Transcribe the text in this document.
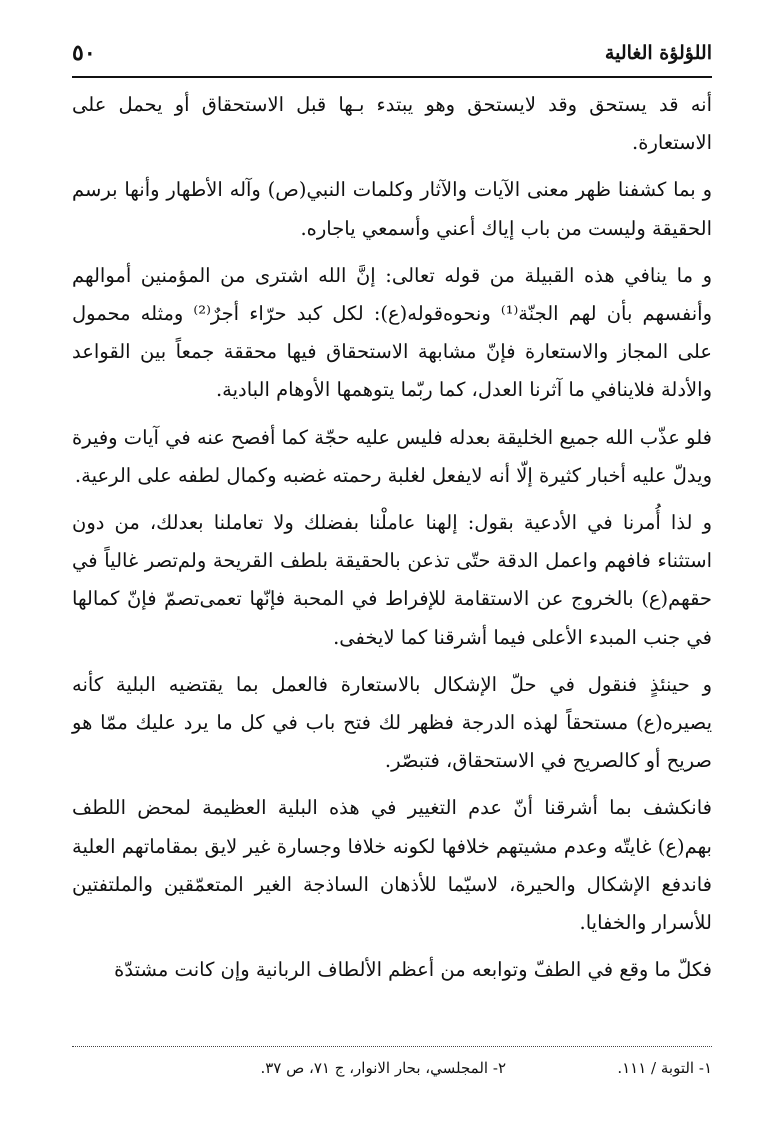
اللؤلؤة الغالية
٥٠

أنه قد يستحق وقد لايستحق وهو يبتدء بـها قبل الاستحقاق أو يحمل على الاستعارة.

و بما كشفنا ظهر معنى الآيات والآثار وكلمات النبي(ص) وآله الأطهار وأنها برسم الحقيقة وليست من باب إياك أعني وأسمعي ياجاره.

و ما ينافي هذه القبيلة من قوله تعالى: إنَّ الله اشترى من المؤمنين أموالهم وأنفسهم بأن لهم الجنّة⁽¹⁾ ونحوه‌قوله(ع): لكل كبد حرّاء أجرٌ⁽²⁾ ومثله محمول على المجاز والاستعارة فإنّ مشابهة الاستحقاق فيها محققة جمعاً بين القواعد والأدلة فلاينافي ما آثرنا العدل، كما ربّما يتوهمها الأوهام البادية.

فلو عذّب الله جميع الخليقة بعدله فليس عليه حجّة كما أفصح عنه في آيات وفيرة ويدلّ عليه أخبار كثيرة إلّا أنه لايفعل لغلبة رحمته غضبه وكمال لطفه على الرعية.

و لذا أُمرنا في الأدعية بقول: إلهنا عاملْنا بفضلك ولا تعاملنا بعدلك، من دون استثناء فافهم واعمل الدقة حتّى تذعن بالحقيقة بلطف القريحة ولم‌تصر غالياً في حقهم(ع) بالخروج عن الاستقامة للإفراط في المحبة فإنّها تعمى‌تصمّ فإنّ كمالها في جنب المبدء الأعلى فيما أشرقنا كما لايخفى.

و حينئذٍ فنقول في حلّ الإشكال بالاستعارة فالعمل بما يقتضيه البلية كأنه يصيره(ع) مستحقاً لهذه الدرجة فظهر لك فتح باب في كل ما يرد عليك ممّا هو صريح أو كالصريح في الاستحقاق، فتبصّر.

فانكشف بما أشرقنا أنّ عدم التغيير في هذه البلية العظيمة لمحض اللطف بهم(ع) غايتّه وعدم مشيتهم خلافها لكونه خلافا وجسارة غير لايق بمقاماتهم العلية فاندفع الإشكال والحيرة، لاسيّما للأذهان الساذجة الغير المتعمّقين والملتفتين للأسرار والخفايا.

فكلّ ما وقع في الطفّ وتوابعه من أعظم الألطاف الربانية وإن كانت مشتدّة

١- التوبة / ١١١.
٢- المجلسي، بحار الانوار، ج ٧١، ص ٣٧.
